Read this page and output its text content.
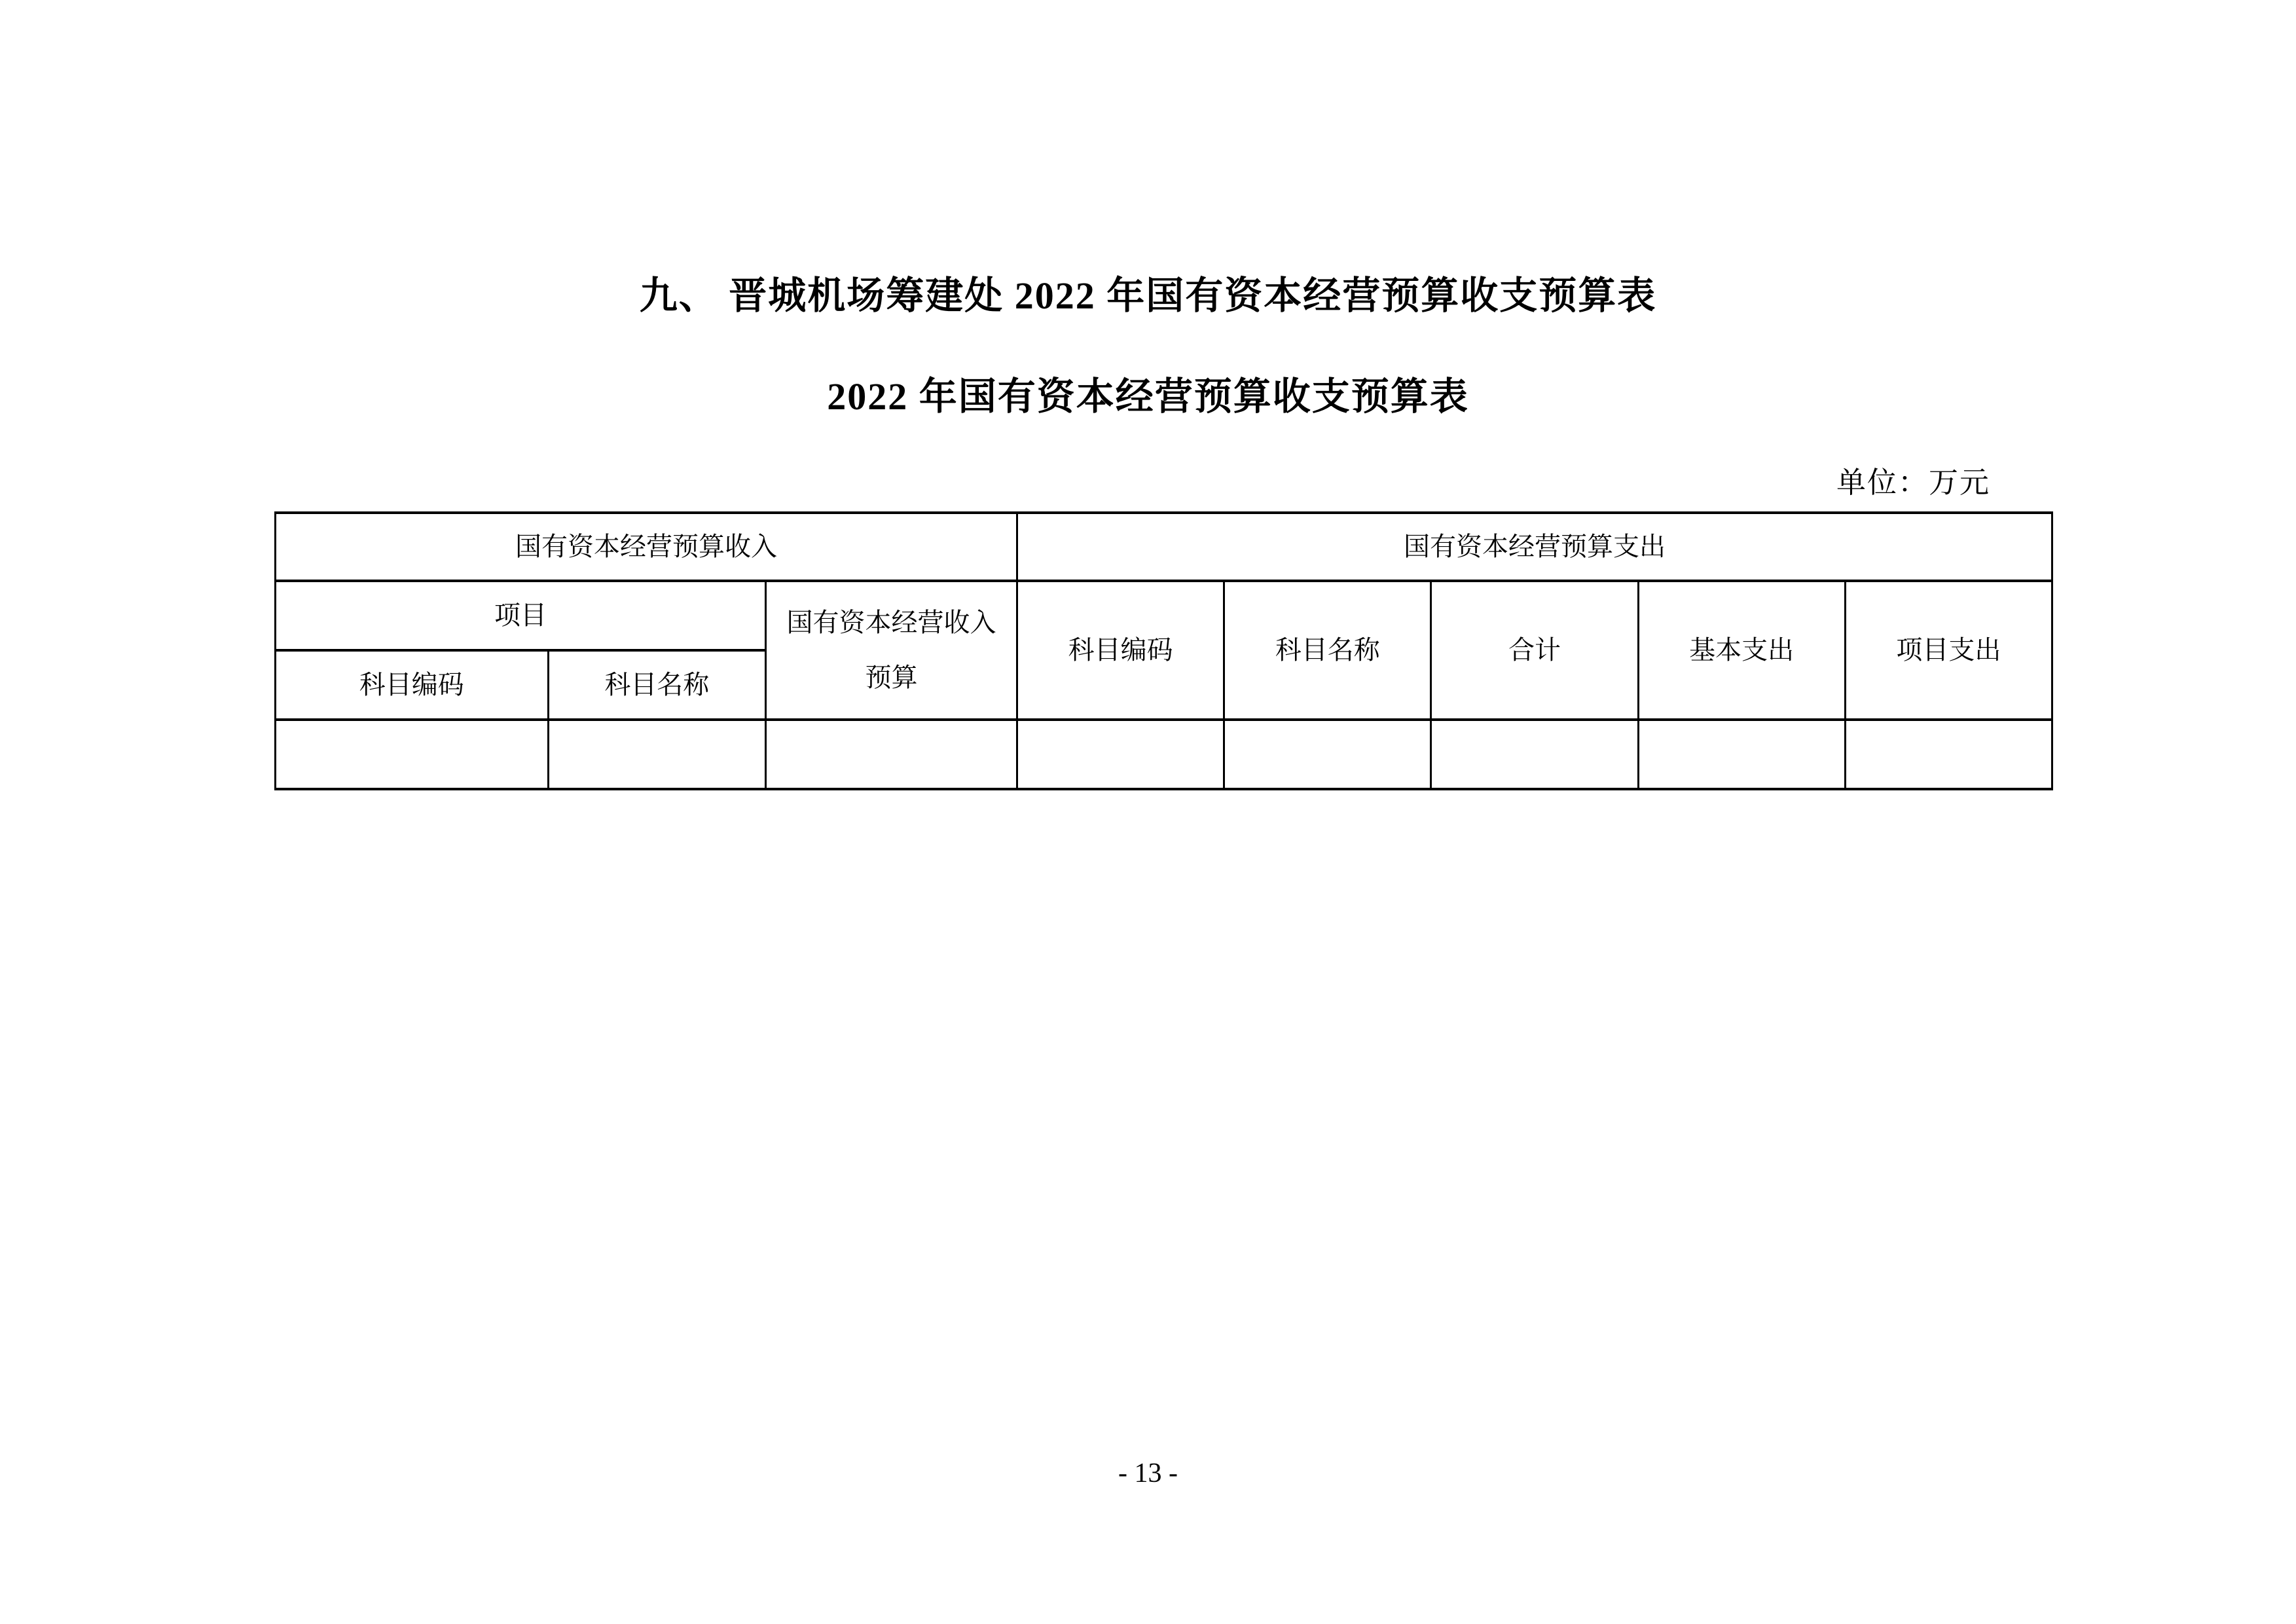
九、 晋城机场筹建处 2022 年国有资本经营预算收支预算表
2022 年国有资本经营预算收支预算表
单位：万元
国有资本经营预算收入			国有资本经营预算支出				
项目		国有资本经营收入预算	科目编码	科目名称	合计	基本支出	项目支出
科目编码	科目名称						

- 13 -
